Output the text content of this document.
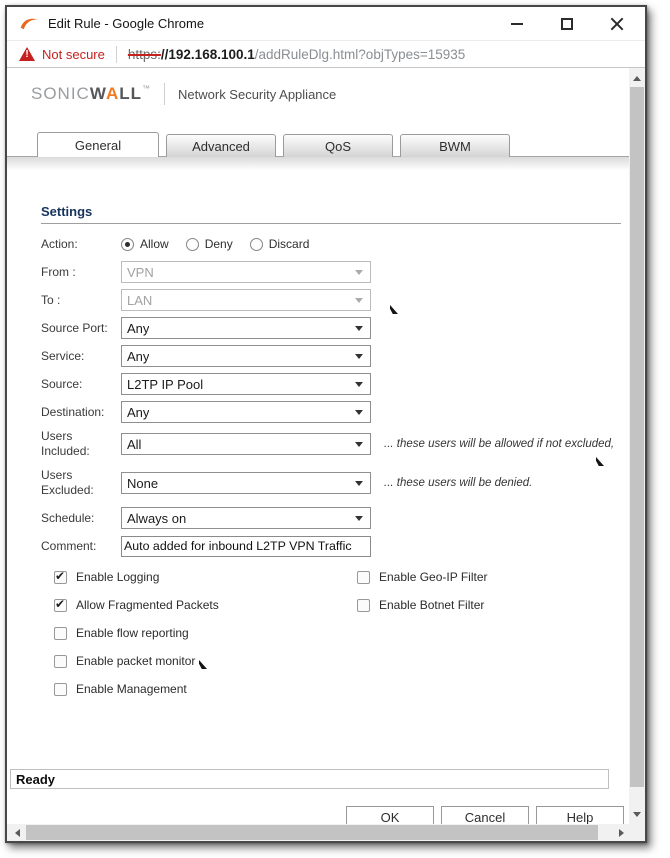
Edit Rule - Google Chrome
!
Not secure https://192.168.100.1/addRuleDlg.html?objTypes=15935
SONICWALL™ Network Security Appliance
General	Advanced	QoS	BWM
Settings
Action:	Allow	Deny	Discard
From :	VPN
To :	LAN
Source Port:	Any
Service:	Any
Source:	L2TP IP Pool
Destination:	Any
Users Included:	All	... these users will be allowed if not excluded,
Users Excluded:	None	... these users will be denied.
Schedule:	Always on
Comment:
Auto added for inbound L2TP VPN Traffic
✔
Enable Logging
✔
Allow Fragmented Packets
Enable flow reporting
Enable packet monitor
Enable Management
Enable Geo-IP Filter
Enable Botnet Filter
Ready
OK	Cancel	Help
